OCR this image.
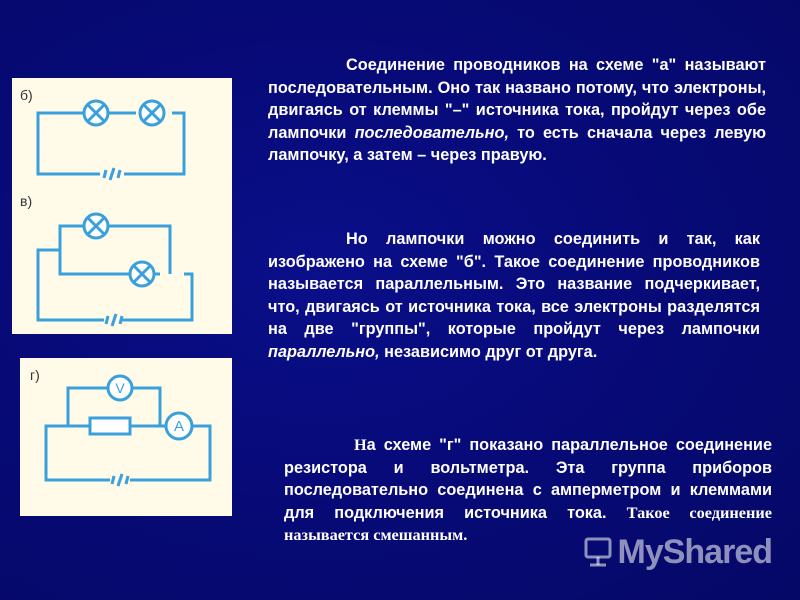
б)
в)
г)
V
A

Соединение проводников на схеме "а" называют последовательным. Оно так названо потому, что электроны, двигаясь от клеммы "–" источника тока, пройдут через обе лампочки последовательно, то есть сначала через левую лампочку, а затем – через правую.

Но лампочки можно соединить и так, как изображено на схеме "б". Такое соединение проводников называется параллельным. Это название подчеркивает, что, двигаясь от источника тока, все электроны разделятся на две "группы", которые пройдут через лампочки параллельно, независимо друг от друга.

На схеме "г" показано параллельное соединение резистора и вольтметра. Эта группа приборов последовательно соединена с амперметром и клеммами для подключения источника тока. Такое соединение называется смешанным.	MyShared
